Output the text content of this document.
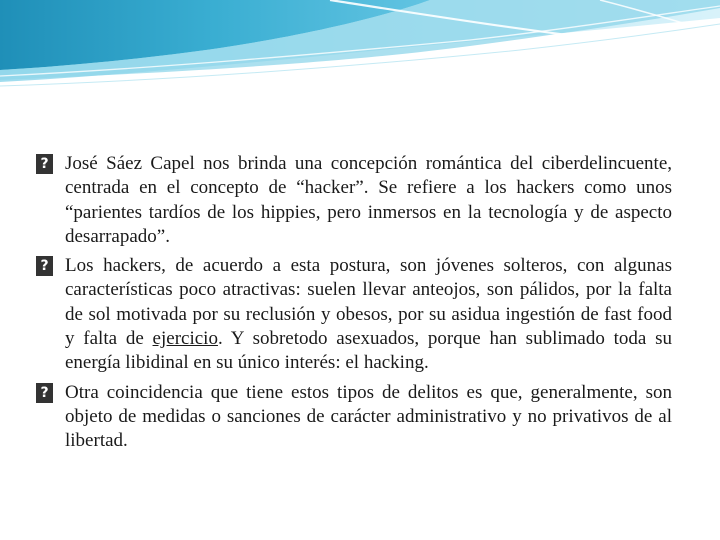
? José Sáez Capel nos brinda una concepción romántica del ciberdelincuente, centrada en el concepto de “hacker”. Se refiere a los hackers como unos “parientes tardíos de los hippies, pero inmersos en la tecnología y de aspecto desarrapado”.

? Los hackers, de acuerdo a esta postura, son jóvenes solteros, con algunas características poco atractivas: suelen llevar anteojos, son pálidos, por la falta de sol motivada por su reclusión y obesos, por su asidua ingestión de fast food y falta de ejercicio. Y sobretodo asexuados, porque han sublimado toda su energía libidinal en su único interés: el hacking.

? Otra coincidencia que tiene estos tipos de delitos es que, generalmente, son objeto de medidas o sanciones de carácter administrativo y no privativos de al libertad.
